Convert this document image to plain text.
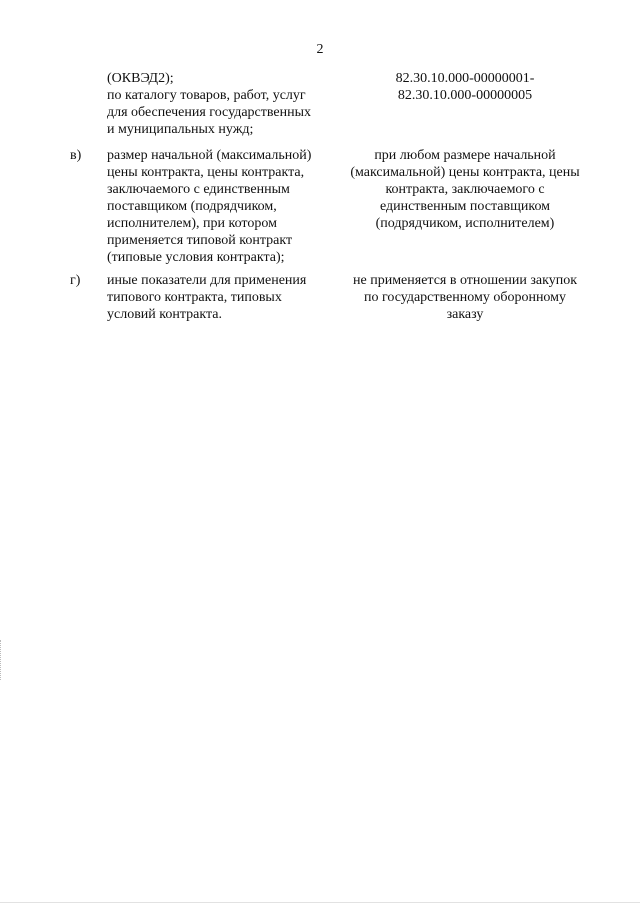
2
(ОКВЭД2);
по каталогу товаров, работ, услуг
для обеспечения государственных
и муниципальных нужд;
82.30.10.000-00000001-
82.30.10.000-00000005
в) размер начальной (максимальной)
цены контракта, цены контракта,
заключаемого с единственным
поставщиком (подрядчиком,
исполнителем), при котором
применяется типовой контракт
(типовые условия контракта);
при любом размере начальной
(максимальной) цены контракта, цены
контракта, заключаемого с
единственным поставщиком
(подрядчиком, исполнителем)
г) иные показатели для применения
типового контракта, типовых
условий контракта.
не применяется в отношении закупок
по государственному оборонному
заказу
